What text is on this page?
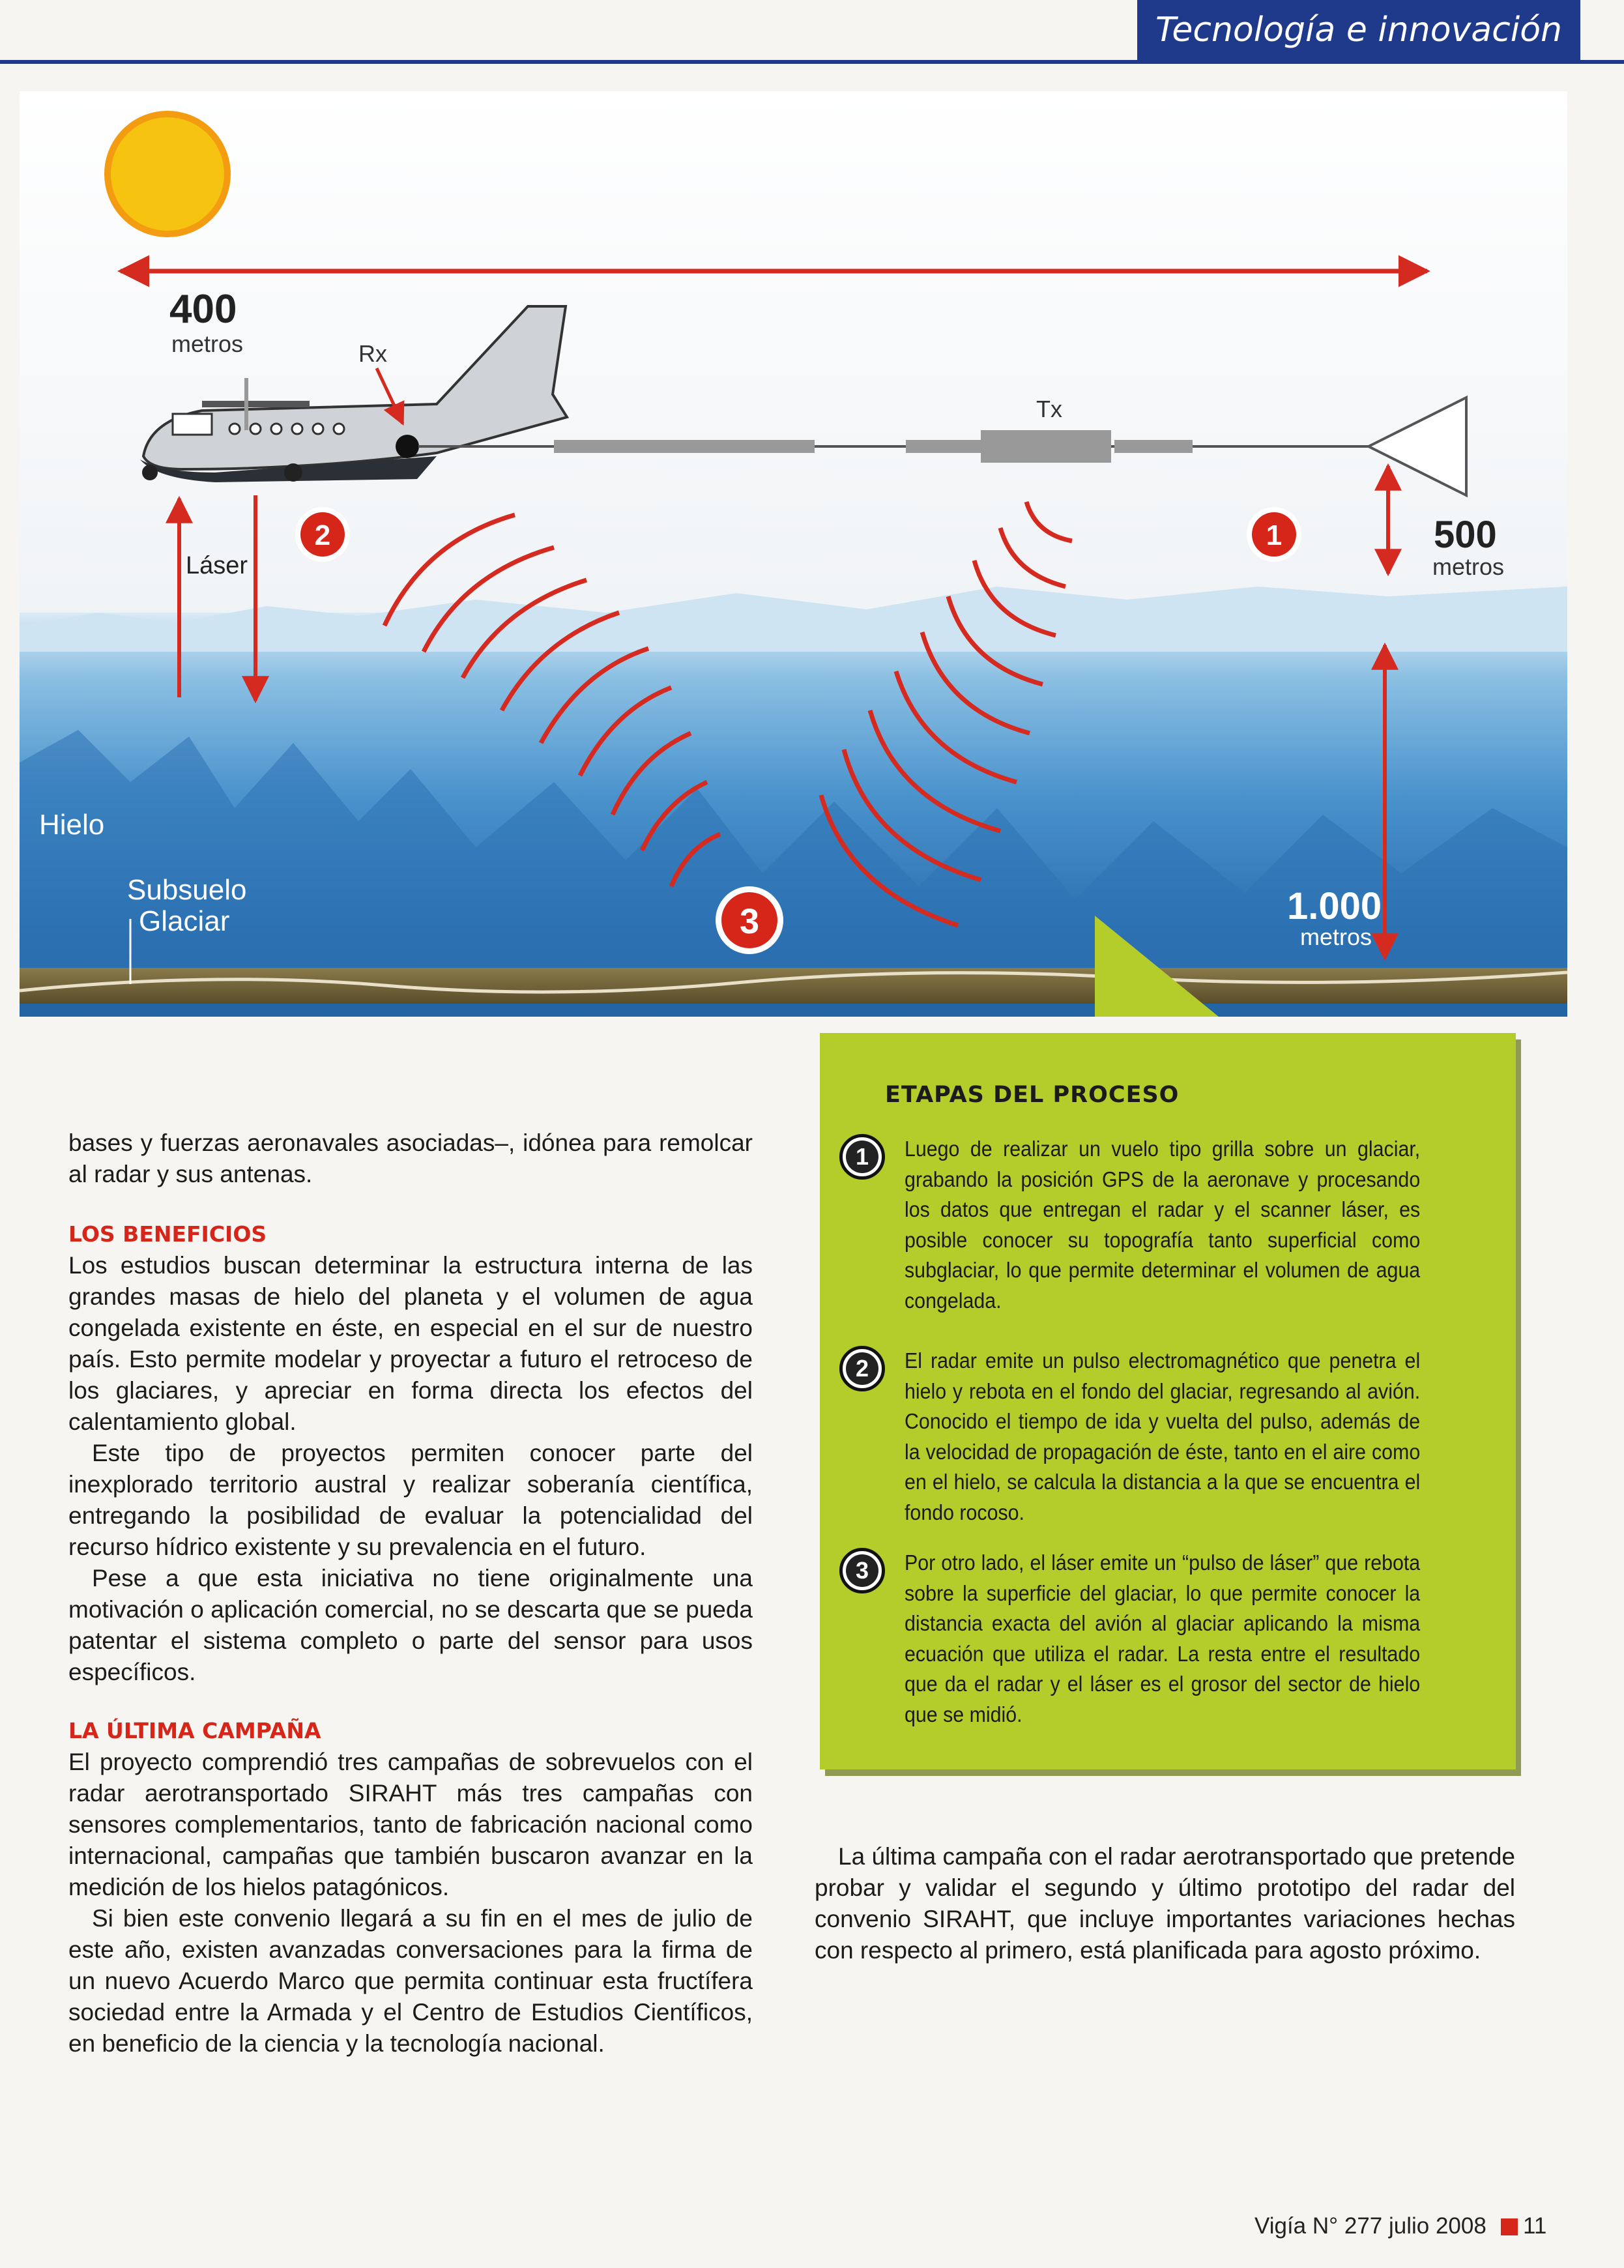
Tecnología e innovación
400
metros	Rx
Tx
Láser
500
metros
1.000
metros
Hielo
Subsuelo
Glaciar
1
2
3
ETAPAS DEL PROCESO
1	Luego de realizar un vuelo tipo grilla sobre un glaciar, grabando la posición GPS de la aeronave y procesando los datos que entregan el radar y el scanner láser, es posible conocer su topografía tanto superficial como subglaciar, lo que permite determinar el volumen de agua congelada.
2	El radar emite un pulso electromagnético que penetra el hielo y rebota en el fondo del glaciar, regresando al avión. Conocido el tiempo de ida y vuelta del pulso, además de la velocidad de propagación de éste, tanto en el aire como en el hielo, se calcula la distancia a la que se encuentra el fondo rocoso.
3	Por otro lado, el láser emite un “pulso de láser” que rebota sobre la superficie del glaciar, lo que permite conocer la distancia exacta del avión al glaciar aplicando la misma ecuación que utiliza el radar. La resta entre el resultado que da el radar y el láser es el grosor del sector de hielo que se midió.

bases y fuerzas aeronavales asociadas–, idónea para remolcar al radar y sus antenas.

LOS BENEFICIOS

Los estudios buscan determinar la estructura interna de las grandes masas de hielo del planeta y el volumen de agua congelada existente en éste, en especial en el sur de nuestro país. Esto permite modelar y proyectar a futuro el retroceso de los glaciares, y apreciar en forma directa los efectos del calentamiento global.

Este tipo de proyectos permiten conocer parte del inexplorado territorio austral y realizar soberanía científica, entregando la posibilidad de evaluar la potencialidad del recurso hídrico existente y su prevalencia en el futuro.

Pese a que esta iniciativa no tiene originalmente una motivación o aplicación comercial, no se descarta que se pueda patentar el sistema completo o parte del sensor para usos específicos.

LA ÚLTIMA CAMPAÑA

El proyecto comprendió tres campañas de sobrevuelos con el radar aerotransportado SIRAHT más tres campañas con sensores complementarios, tanto de fabricación nacional como internacional, campañas que también buscaron avanzar en la medición de los hielos patagónicos.

Si bien este convenio llegará a su fin en el mes de julio de este año, existen avanzadas conversaciones para la firma de un nuevo Acuerdo Marco que permita continuar esta fructífera sociedad entre la Armada y el Centro de Estudios Científicos, en beneficio de la ciencia y la tecnología nacional.

La última campaña con el radar aerotransportado que pretende probar y validar el segundo y último prototipo del radar del convenio SIRAHT, que incluye importantes variaciones hechas con respecto al primero, está planificada para agosto próximo.

Vigía N° 277 julio 2008 11
